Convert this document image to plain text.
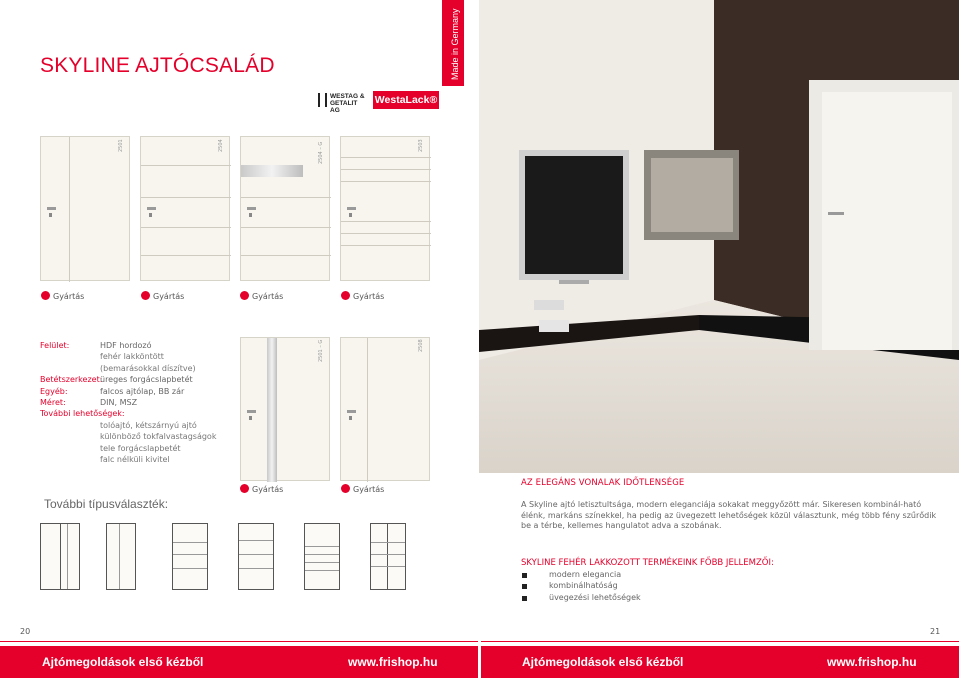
SKYLINE AJTÓCSALÁD	Made in Germany
WESTAG &
GETALIT AG
WestaLack®
2501	2504	2504 – G	2503
Gyártás	Gyártás	Gyártás	Gyártás
Felület:	HDF hordozó
fehér lakköntött
(bemarásokkal díszítve)
Betétszerkezet:
üreges forgácslapbetét
Egyéb:	falcos ajtólap, BB zár
Méret:	DIN, MSZ
További lehetőségek:
tolóajtó, kétszárnyú ajtó
különböző tokfalvastagságok
tele forgácslapbetét
falc nélküli kivitel
2501 – G	2508
Gyártás	Gyártás
További típusválaszték:
20
AZ ELEGÁNS VONALAK IDŐTLENSÉGE
A Skyline ajtó letisztultsága, modern eleganciája sokakat meggyőzött már. Sikeresen kombinál-ható élénk, markáns színekkel, ha pedig az üvegezett lehetőségek közül választunk, még több fény szűrődik be a térbe, kellemes hangulatot adva a szobának.
SKYLINE FEHÉR LAKKOZOTT TERMÉKEINK FŐBB JELLEMZŐI:
modern elegancia
kombinálhatóság
üvegezési lehetőségek
21
Ajtómegoldások első kézből	www.frishop.hu	Ajtómegoldások első kézből	www.frishop.hu
